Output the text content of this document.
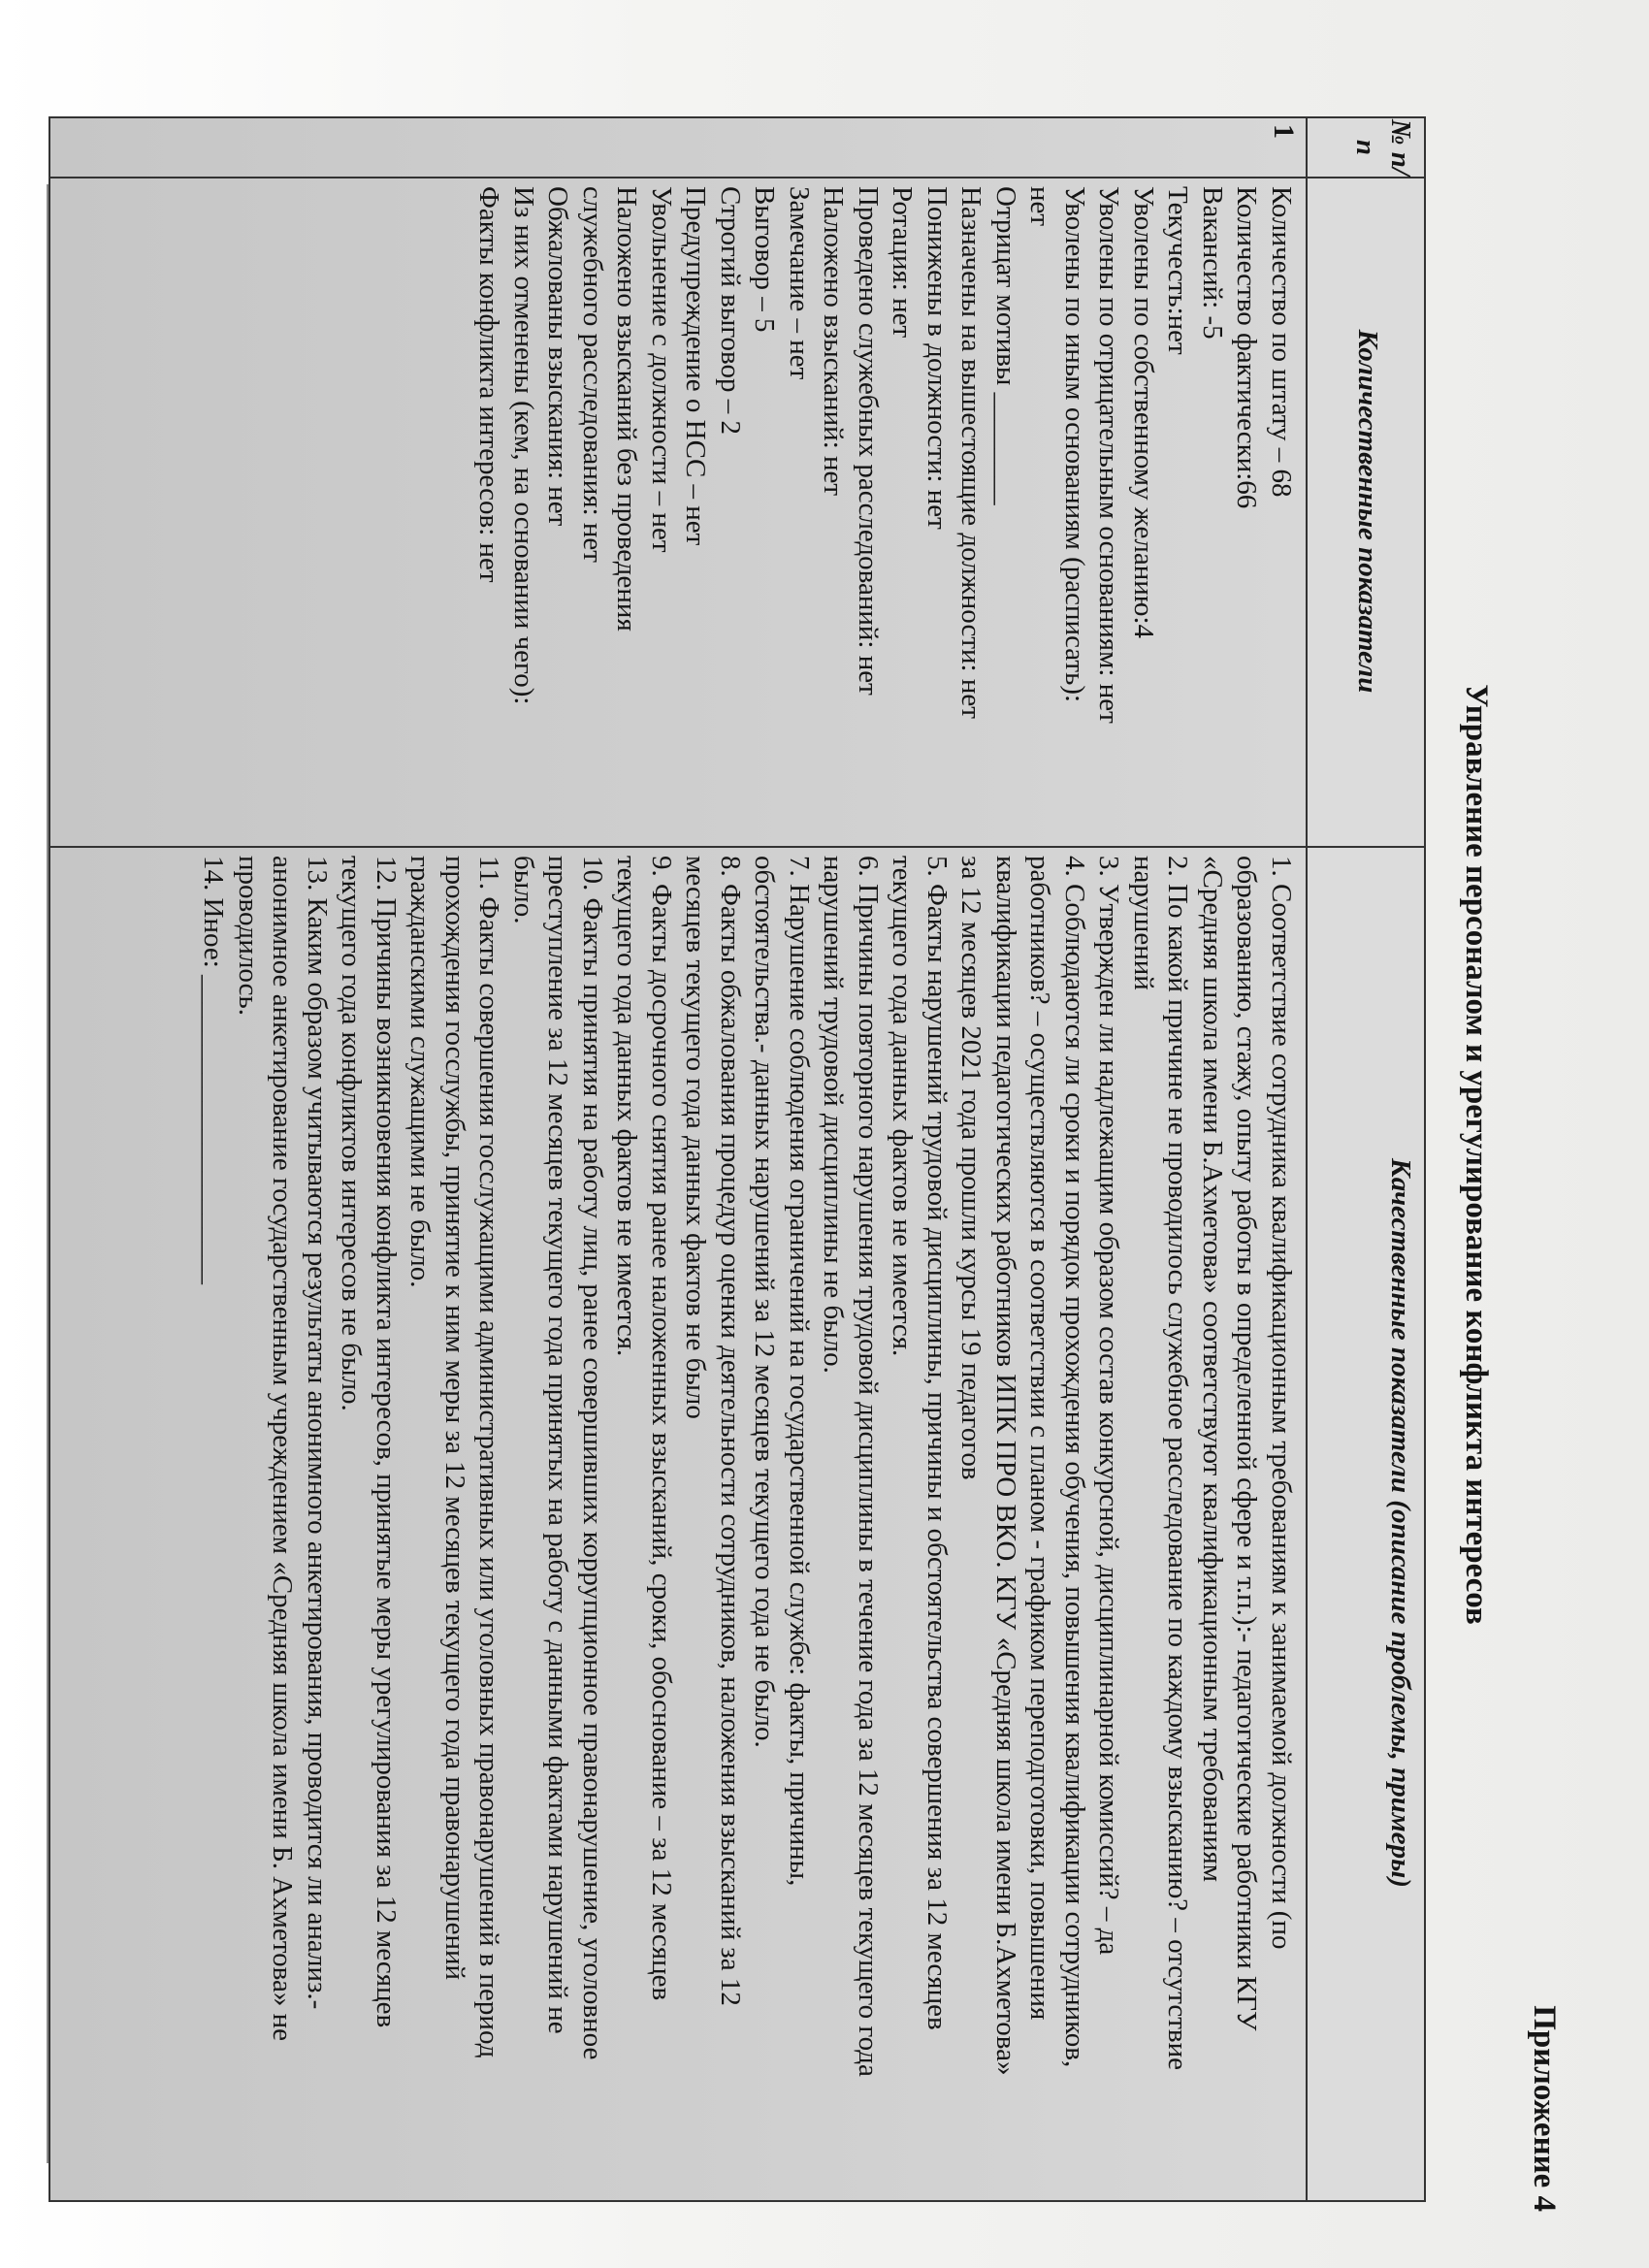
Приложение 4
Управление персоналом и урегулирование конфликта интересов
№ п/п
Количественные показатели
Качественные показатели (описание проблемы, примеры)
1
Количество по штату – 68
Количество фактически:66
Вакансий: -5
Текучесть:нет
Уволены по собственному желанию:4
Уволены по отрицательным основаниям: нет
Уволены по иным основаниям (расписать):
нет
Отрицат мотивы ________
Назначены на вышестоящие должности: нет
Понижены в должности: нет
Ротация: нет
Проведено служебных расследований: нет
Наложено взысканий: нет
Замечание – нет
Выговор – 5
Строгий выговор – 2
Предупреждение о НСС – нет
Увольнение с должности – нет
Наложено взысканий без проведения
служебного расследования: нет
Обжалованы взыскания: нет
Из них отменены (кем, на основании чего):
Факты конфликта интересов: нет
1. Соответствие сотрудника квалификационным требованиям к занимаемой должности (по
образованию, стажу, опыту работы в определенной сфере и т.п.):- педагогические работники КГУ
«Средняя школа имени Б.Ахметова» соответствуют квалификационным требованиям
2. По какой причине не проводилось служебное расследование по каждому взысканию? – отсутствие
нарушений
3. Утвержден ли надлежащим образом состав конкурсной, дисциплинарной комиссий? – да
4. Соблюдаются ли сроки и порядок прохождения обучения, повышения квалификации сотрудников,
работников? – осуществляются в соответствии с планом - графиком переподготовки, повышения
квалификации педагогических работников ИПК ПРО ВКО. КГУ «Средняя школа имени Б.Ахметова»
за 12 месяцев 2021 года прошли курсы 19 педагогов
5. Факты нарушений трудовой дисциплины, причины и обстоятельства совершения за 12 месяцев
текущего года данных фактов не имеется.
6. Причины повторного нарушения трудовой дисциплины в течение года за 12 месяцев текущего года
нарушений трудовой дисциплины не было.
7. Нарушение соблюдения ограничений на государственной службе: факты, причины,
обстоятельства.- данных нарушений за 12 месяцев текущего года не было.
8. Факты обжалования процедур оценки деятельности сотрудников, наложения взысканий за 12
месяцев текущего года данных фактов не было
9. Факты досрочного снятия ранее наложенных взысканий, сроки, обоснование – за 12 месяцев
текущего года данных фактов не имеется.
10. Факты принятия на работу лиц, ранее совершивших коррупционное правонарушение, уголовное
преступление за 12 месяцев текущего года принятых на работу с данными фактами нарушений не
было.
11. Факты совершения госслужащими административных или уголовных правонарушений в период
прохождения госслужбы, принятие к ним меры за 12 месяцев текущего года правонарушений
гражданскими служащими не было.
12. Причины возникновения конфликта интересов, принятые меры урегулирования за 12 месяцев
текущего года конфликтов интересов не было.
13. Каким образом учитываются результаты анонимного анкетирования, проводится ли анализ.-
анонимное анкетирование государственным учреждением «Средняя школа имени Б. Ахметова» не
проводилось.
14. Иное: ______________________
